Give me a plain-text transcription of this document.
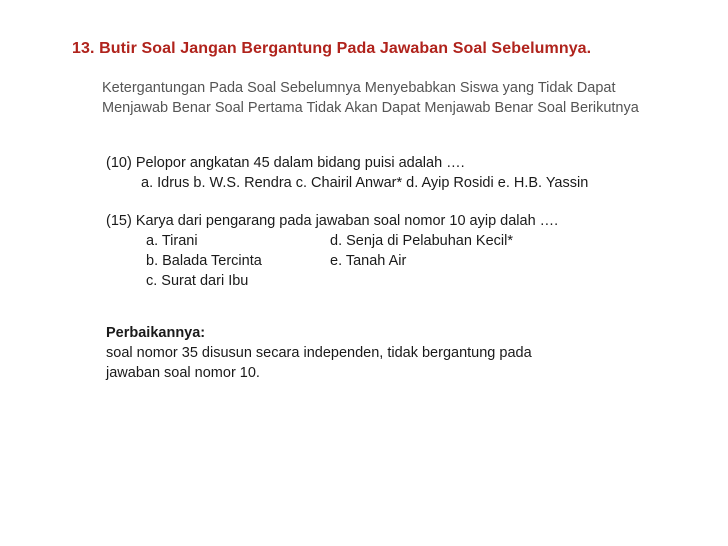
13. Butir Soal Jangan Bergantung Pada Jawaban Soal Sebelumnya.
Ketergantungan Pada Soal Sebelumnya Menyebabkan Siswa yang Tidak Dapat
Menjawab Benar Soal Pertama Tidak Akan Dapat Menjawab Benar Soal Berikutnya
(10) Pelopor angkatan 45 dalam bidang puisi adalah ….
a. Idrus b. W.S. Rendra c. Chairil Anwar* d. Ayip Rosidi e. H.B. Yassin
(15) Karya dari pengarang pada jawaban soal nomor 10 ayip dalah ….
a. Tirani	d. Senja di Pelabuhan Kecil*
b. Balada Tercinta	e. Tanah Air
c. Surat dari Ibu
Perbaikannya:
soal nomor 35 disusun secara independen, tidak bergantung pada
jawaban soal nomor 10.
